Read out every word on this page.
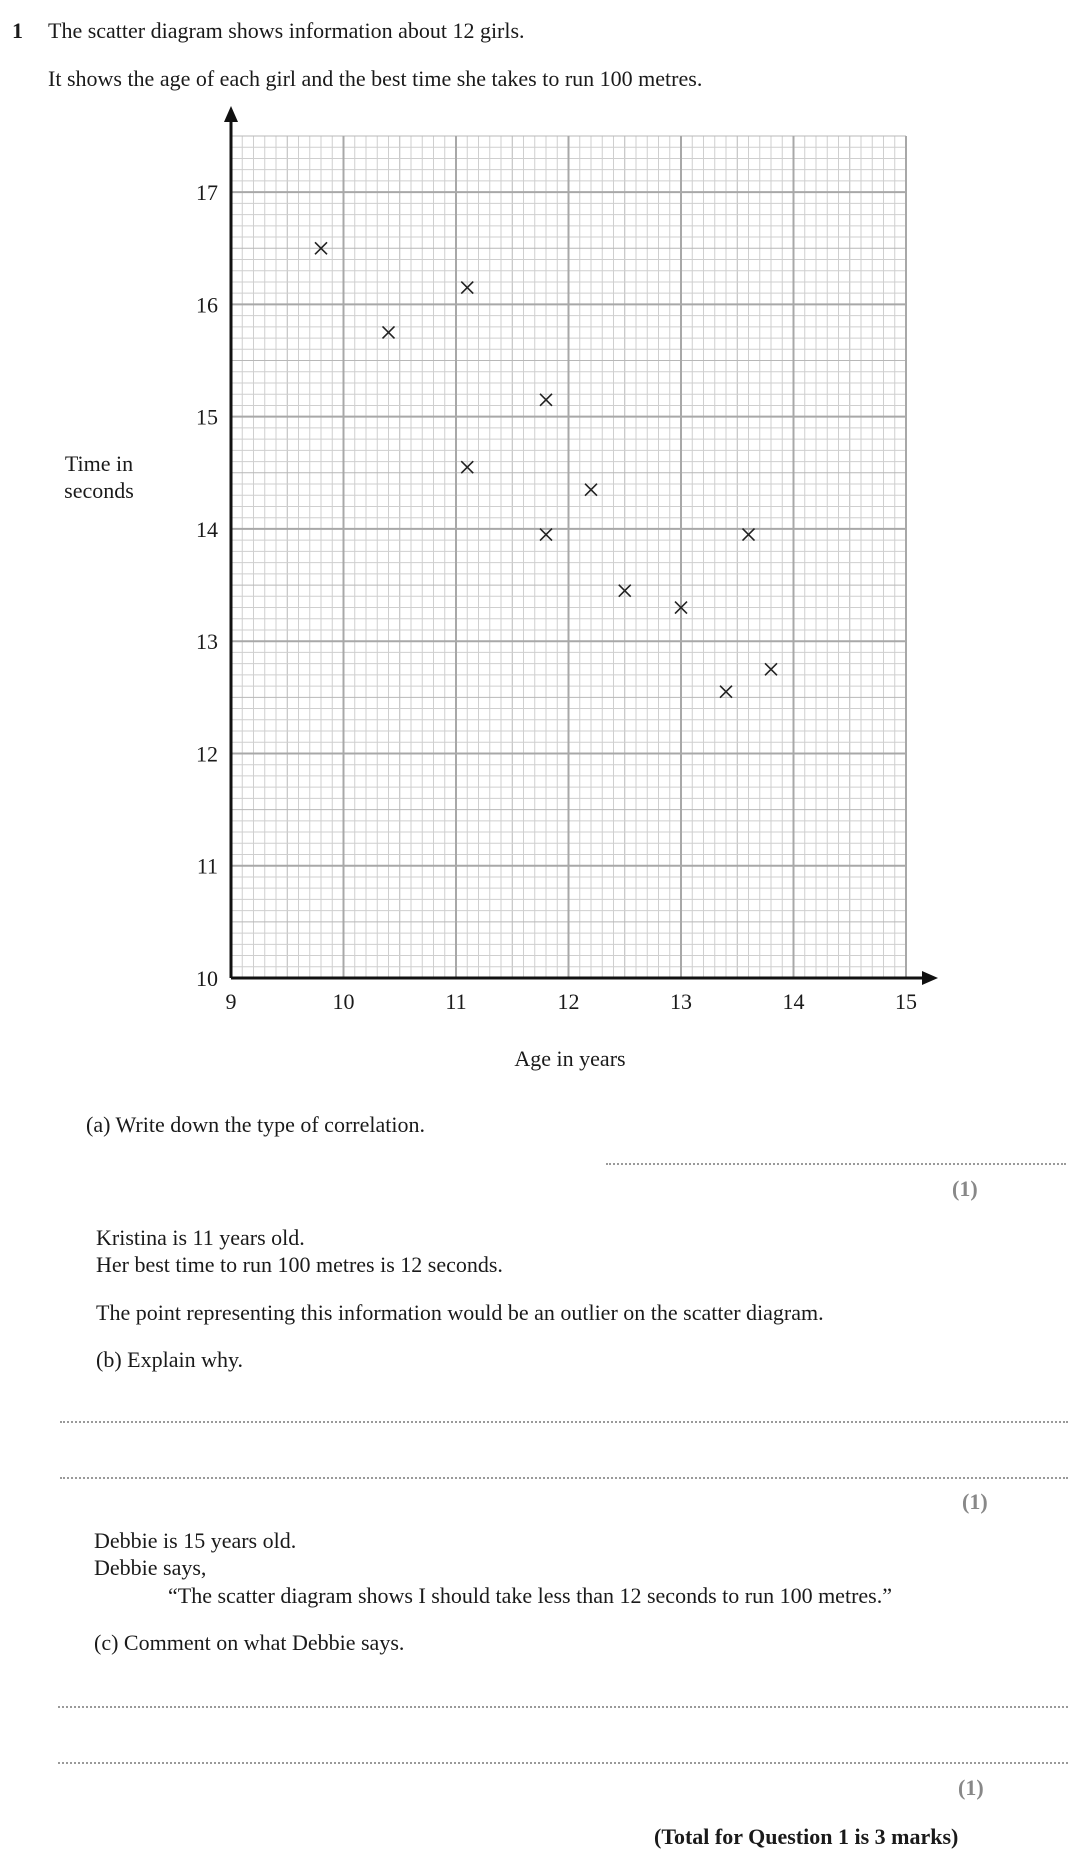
1 The scatter diagram shows information about 12 girls.
It shows the age of each girl and the best time she takes to run 100 metres.
9	10	11	12	13	14	15
10
11
12
13
14
15
16
17
Age in years
Time in
seconds
(a) Write down the type of correlation.
(1)
Kristina is 11 years old.
Her best time to run 100 metres is 12 seconds.
The point representing this information would be an outlier on the scatter diagram.
(b) Explain why.
(1)
Debbie is 15 years old.
Debbie says,
“The scatter diagram shows I should take less than 12 seconds to run 100 metres.”
(c) Comment on what Debbie says.
(1)
(Total for Question 1 is 3 marks)
